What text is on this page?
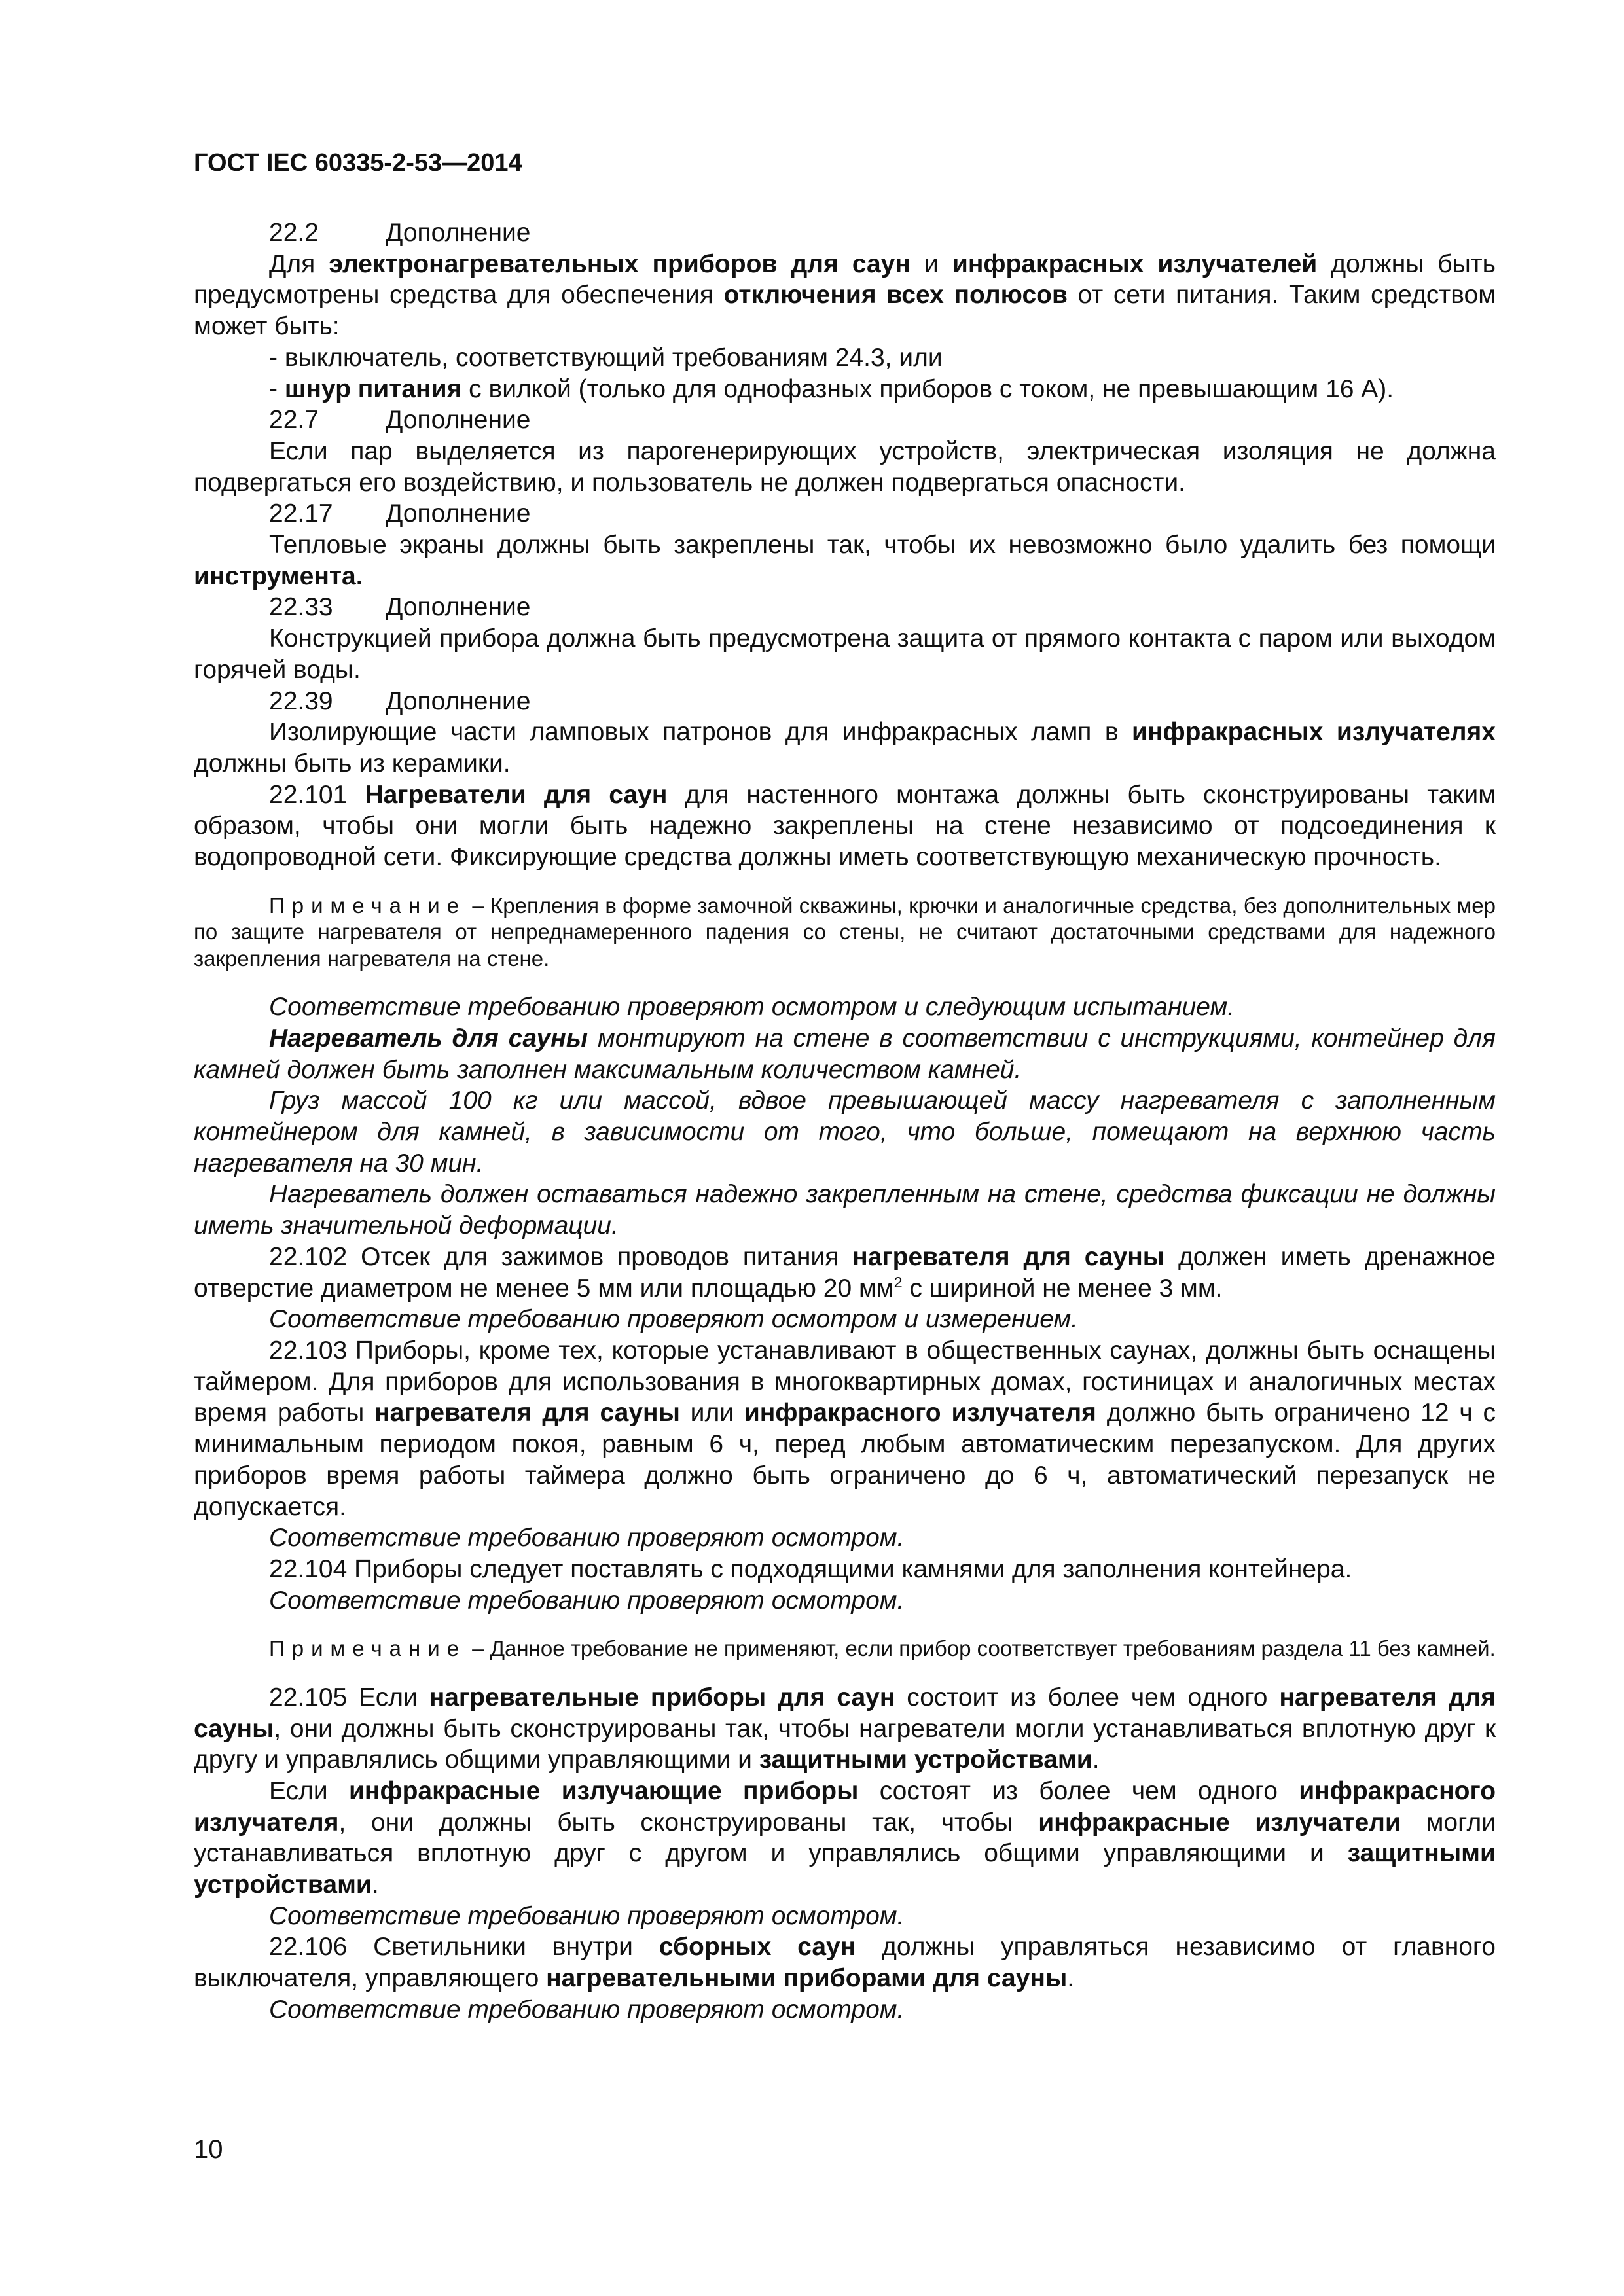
ГОСТ IEC 60335-2-53—2014

22.2	Дополнение

Для электронагревательных приборов для саун и инфракрасных излучателей должны быть предусмотрены средства для обеспечения отключения всех полюсов от сети питания. Таким средством может быть:

- выключатель, соответствующий требованиям 24.3, или

- шнур питания с вилкой (только для однофазных приборов с током, не превышающим 16 А).

22.7	Дополнение

Если пар выделяется из парогенерирующих устройств, электрическая изоляция не должна подвергаться его воздействию, и пользователь не должен подвергаться опасности.

22.17 Дополнение

Тепловые экраны должны быть закреплены так, чтобы их невозможно было удалить без помощи инструмента.

22.33 Дополнение

Конструкцией прибора должна быть предусмотрена защита от прямого контакта с паром или выходом горячей воды.

22.39 Дополнение

Изолирующие части ламповых патронов для инфракрасных ламп в инфракрасных излучателях должны быть из керамики.

22.101 Нагреватели для саун для настенного монтажа должны быть сконструированы таким образом, чтобы они могли быть надежно закреплены на стене независимо от подсоединения к водопроводной сети. Фиксирующие средства должны иметь соответствующую механическую прочность.

Примечание – Крепления в форме замочной скважины, крючки и аналогичные средства, без дополнительных мер по защите нагревателя от непреднамеренного падения со стены, не считают достаточными средствами для надежного закрепления нагревателя на стене.

Соответствие требованию проверяют осмотром и следующим испытанием.

Нагреватель для сауны монтируют на стене в соответствии с инструкциями, контейнер для камней должен быть заполнен максимальным количеством камней.

Груз массой 100 кг или массой, вдвое превышающей массу нагревателя с заполненным контейнером для камней, в зависимости от того, что больше, помещают на верхнюю часть нагревателя на 30 мин.

Нагреватель должен оставаться надежно закрепленным на стене, средства фиксации не должны иметь значительной деформации.

22.102 Отсек для зажимов проводов питания нагревателя для сауны должен иметь дренажное отверстие диаметром не менее 5 мм или площадью 20 $мм^2$ с шириной не менее 3 мм.

Соответствие требованию проверяют осмотром и измерением.

22.103 Приборы, кроме тех, которые устанавливают в общественных саунах, должны быть оснащены таймером. Для приборов для использования в многоквартирных домах, гостиницах и аналогичных местах время работы нагревателя для сауны или инфракрасного излучателя должно быть ограничено 12 ч с минимальным периодом покоя, равным 6 ч, перед любым автоматическим перезапуском. Для других приборов время работы таймера должно быть ограничено до 6 ч, автоматический перезапуск не допускается.

Соответствие требованию проверяют осмотром.

22.104 Приборы следует поставлять с подходящими камнями для заполнения контейнера.

Соответствие требованию проверяют осмотром.

Примечание – Данное требование не применяют, если прибор соответствует требованиям раздела 11 без камней.

22.105 Если нагревательные приборы для саун состоит из более чем одного нагревателя для сауны, они должны быть сконструированы так, чтобы нагреватели могли устанавливаться вплотную друг к другу и управлялись общими управляющими и защитными устройствами.

Если инфракрасные излучающие приборы состоят из более чем одного инфракрасного излучателя, они должны быть сконструированы так, чтобы инфракрасные излучатели могли устанавливаться вплотную друг с другом и управлялись общими управляющими и защитными устройствами.

Соответствие требованию проверяют осмотром.

22.106 Светильники внутри сборных саун должны управляться независимо от главного выключателя, управляющего нагревательными приборами для сауны.

Соответствие требованию проверяют осмотром.

10
